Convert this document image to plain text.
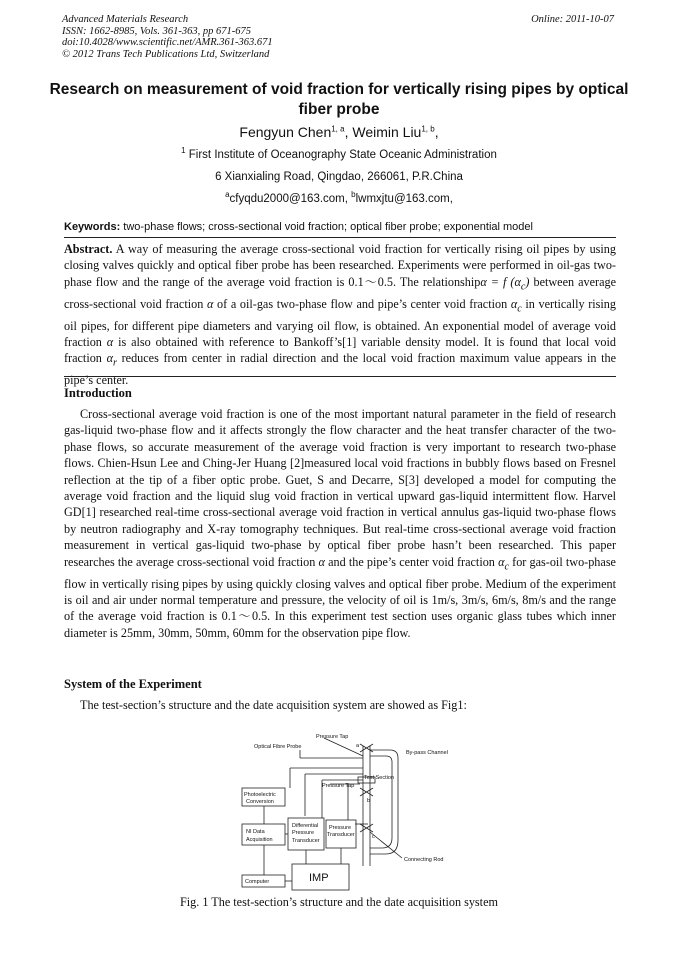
Advanced Materials Research
ISSN: 1662-8985, Vols. 361-363, pp 671-675
doi:10.4028/www.scientific.net/AMR.361-363.671
© 2012 Trans Tech Publications Ltd, Switzerland
Online: 2011-10-07
Research on measurement of void fraction for vertically rising pipes by optical fiber probe
Fengyun Chen$^{1, a}$, Weimin Liu$^{1, b}$,
$^1$ First Institute of Oceanography State Oceanic Administration
6 Xianxialing Road, Qingdao, 266061, P.R.China
$^a$cfyqdu2000@163.com, $^b$lwmxjtu@163.com,
Keywords: two-phase flows; cross-sectional void fraction; optical fiber probe; exponential model
Abstract. A way of measuring the average cross-sectional void fraction for vertically rising oil pipes by using closing valves quickly and optical fiber probe has been researched. Experiments were performed in oil-gas two-phase flow and the range of the average void fraction is 0.1～0.5. The relationshipα = f $(\alpha_c)$ between average cross-sectional void fraction α of a oil-gas two-phase flow and pipe’s center void fraction $\alpha_c$ in vertically rising oil pipes, for different pipe diameters and varying oil flow, is obtained. An exponential model of average void fraction α is also obtained with reference to Bankoff’s[1] variable density model. It is found that local void fraction $\alpha_r$ reduces from center in radial direction and the local void fraction maximum value appears in the pipe’s center.
Introduction
Cross-sectional average void fraction is one of the most important natural parameter in the field of research gas-liquid two-phase flow and it affects strongly the flow character and the heat transfer character of the two-phase flows, so accurate measurement of the average void fraction is very important to research two-phase flows. Chien-Hsun Lee and Ching-Jer Huang [2]measured local void fractions in bubbly flows based on Fresnel reflection at the tip of a fiber optic probe. Guet, S and Decarre, S[3] developed a model for computing the average void fraction and the liquid slug void fraction in vertical upward gas-liquid intermittent flow. Harvel GD[1] researched real-time cross-sectional average void fraction in vertical annulus gas-liquid two-phase flows by neutron radiography and X-ray tomography techniques. But real-time cross-sectional average void fraction measurement in vertical gas-liquid two-phase by optical fiber probe hasn’t been researched. This paper researches the average cross-sectional void fraction α and the pipe’s center void fraction $\alpha_c$ for gas-oil two-phase flow in vertically rising pipes by using quickly closing valves and optical fiber probe. Medium of the experiment is oil and air under normal temperature and pressure, the velocity of oil is 1m/s, 3m/s, 6m/s, 8m/s and the range of the average void fraction is 0.1～0.5. In this experiment test section uses organic glass tubes which inner diameter is 25mm, 30mm, 50mm, 60mm for the observation pipe flow.
System of the Experiment
The test-section’s structure and the date acquisition system are showed as Fig1:
Pressure Tap
Optical Fibre Probe
By-pass Channel
Test Section
Pressure Tap
Photoelectric
Conversion
NI Data
Acquisition
Differential
Pressure
Transducer
Pressure
Transducer
Connecting Rod
Computer
a
b
c
IMP
Fig. 1 The test-section’s structure and the date acquisition system
